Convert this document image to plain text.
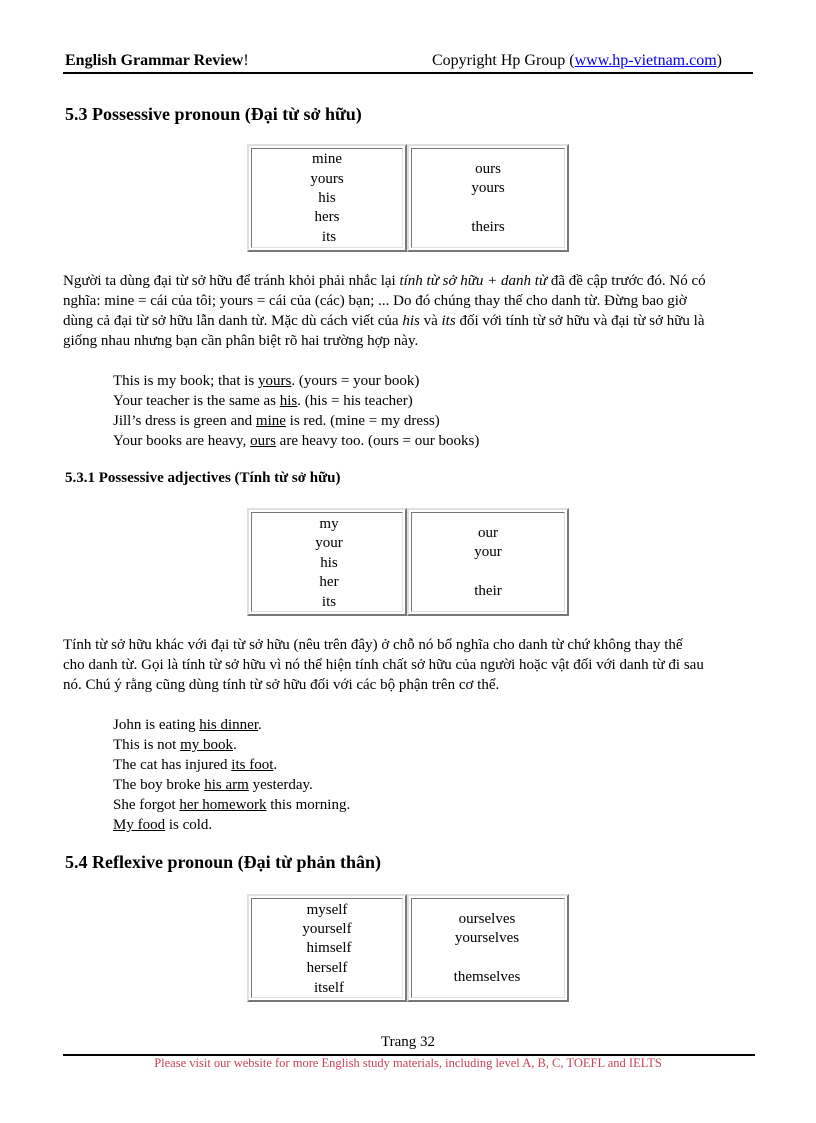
English Grammar Review!	Copyright Hp Group (www.hp-vietnam.com)
5.3 Possessive pronoun (Đại từ sở hữu)
mine
yours
his
hers
its
ours
yours
theirs

Người ta dùng đại từ sở hữu để tránh khỏi phải nhắc lại tính từ sở hữu + danh từ đã đề cập trước đó. Nó có
nghĩa: mine = cái của tôi; yours = cái của (các) bạn; ... Do đó chúng thay thế cho danh từ. Đừng bao giờ
dùng cả đại từ sở hữu lẫn danh từ. Mặc dù cách viết của his và its đối với tính từ sở hữu và đại từ sở hữu là
giống nhau nhưng bạn cần phân biệt rõ hai trường hợp này.

This is my book; that is yours. (yours = your book)
Your teacher is the same as his. (his = his teacher)
Jill’s dress is green and mine is red. (mine = my dress)
Your books are heavy, ours are heavy too. (ours = our books)
5.3.1 Possessive adjectives (Tính từ sở hữu)
my
your
his
her
its
our
your
their

Tính từ sở hữu khác với đại từ sở hữu (nêu trên đây) ở chỗ nó bổ nghĩa cho danh từ chứ không thay thế
cho danh từ. Gọi là tính từ sở hữu vì nó thể hiện tính chất sở hữu của người hoặc vật đối với danh từ đi sau
nó. Chú ý rằng cũng dùng tính từ sở hữu đối với các bộ phận trên cơ thể.

John is eating his dinner.
This is not my book.
The cat has injured its foot.
The boy broke his arm yesterday.
She forgot her homework this morning.
My food is cold.
5.4 Reflexive pronoun (Đại từ phản thân)
myself
yourself
himself
herself
itself
ourselves
yourselves
themselves
Trang 32
Please visit our website for more English study materials, including level A, B, C, TOEFL and IELTS
